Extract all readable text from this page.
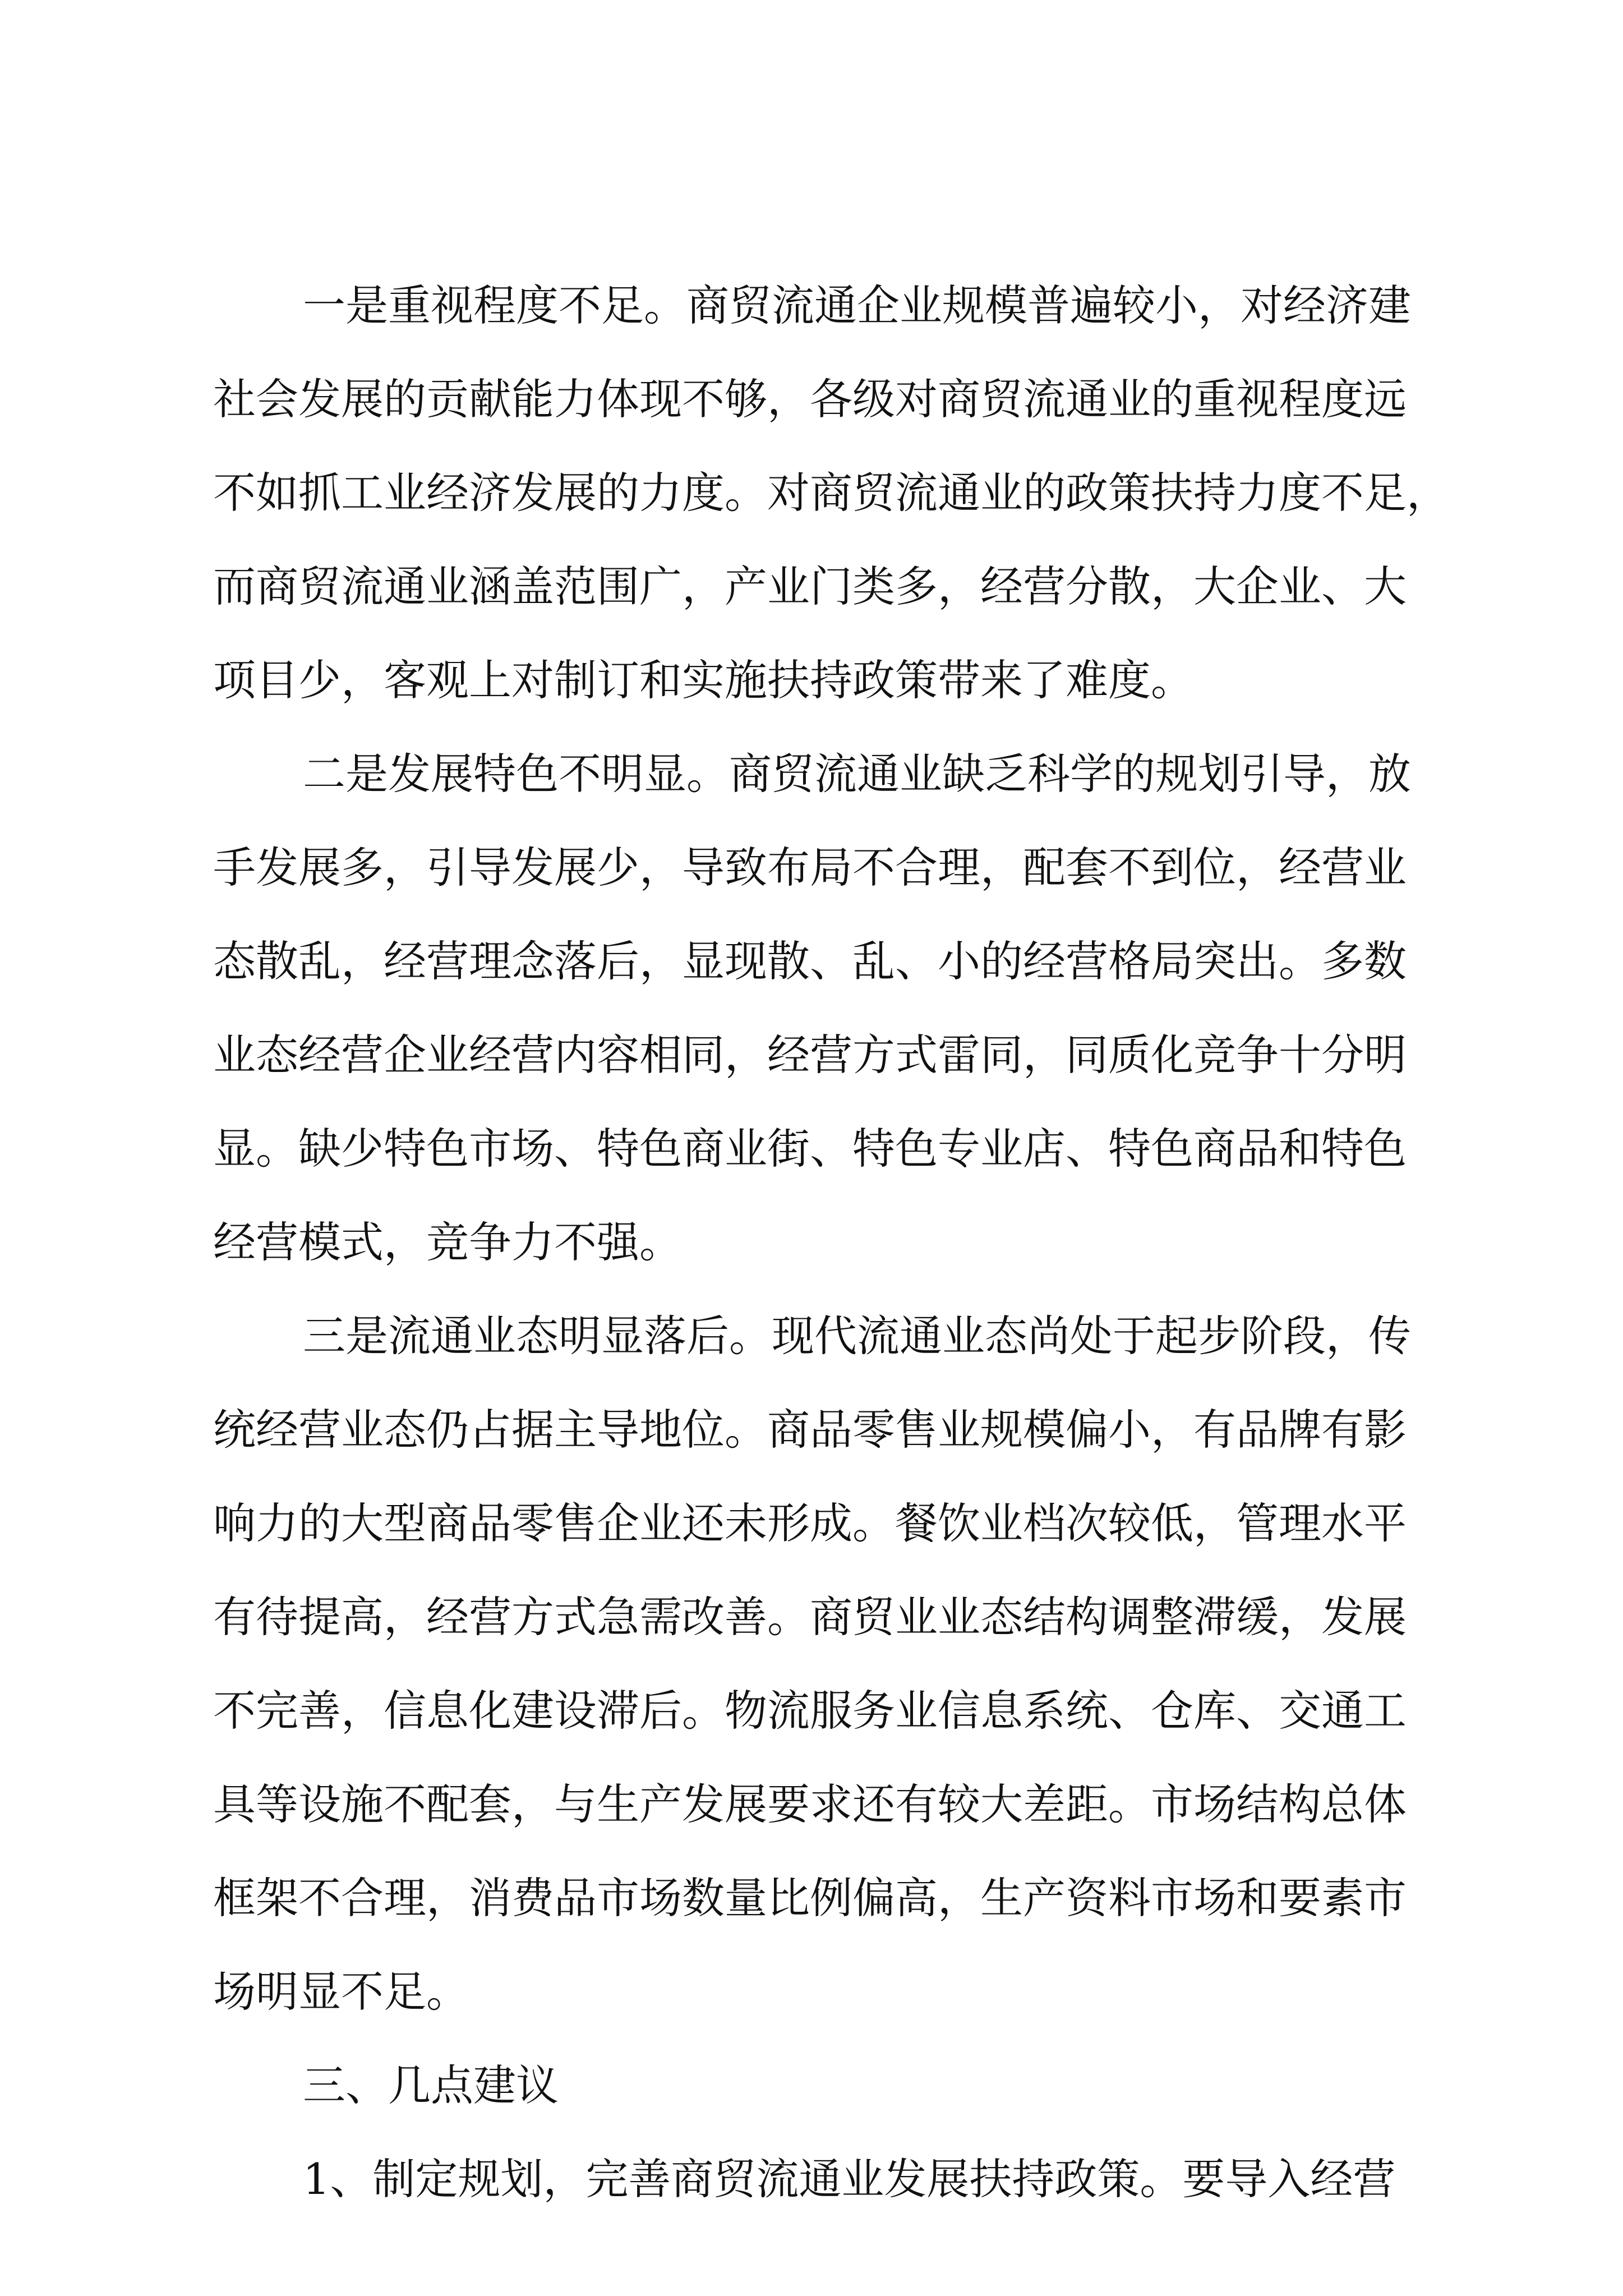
一是重视程度不足。商贸流通企业规模普遍较小，对经济建
社会发展的贡献能力体现不够，各级对商贸流通业的重视程度远
不如抓工业经济发展的力度。对商贸流通业的政策扶持力度不足，
而商贸流通业涵盖范围广，产业门类多，经营分散，大企业、大
项目少，客观上对制订和实施扶持政策带来了难度。
二是发展特色不明显。商贸流通业缺乏科学的规划引导，放
手发展多，引导发展少，导致布局不合理，配套不到位，经营业
态散乱，经营理念落后，显现散、乱、小的经营格局突出。多数
业态经营企业经营内容相同，经营方式雷同，同质化竞争十分明
显。缺少特色市场、特色商业街、特色专业店、特色商品和特色
经营模式，竞争力不强。
三是流通业态明显落后。现代流通业态尚处于起步阶段，传
统经营业态仍占据主导地位。商品零售业规模偏小，有品牌有影
响力的大型商品零售企业还未形成。餐饮业档次较低，管理水平
有待提高，经营方式急需改善。商贸业业态结构调整滞缓，发展
不完善，信息化建设滞后。物流服务业信息系统、仓库、交通工
具等设施不配套，与生产发展要求还有较大差距。市场结构总体
框架不合理，消费品市场数量比例偏高，生产资料市场和要素市
场明显不足。
三、几点建议
1、制定规划，完善商贸流通业发展扶持政策。要导入经营
